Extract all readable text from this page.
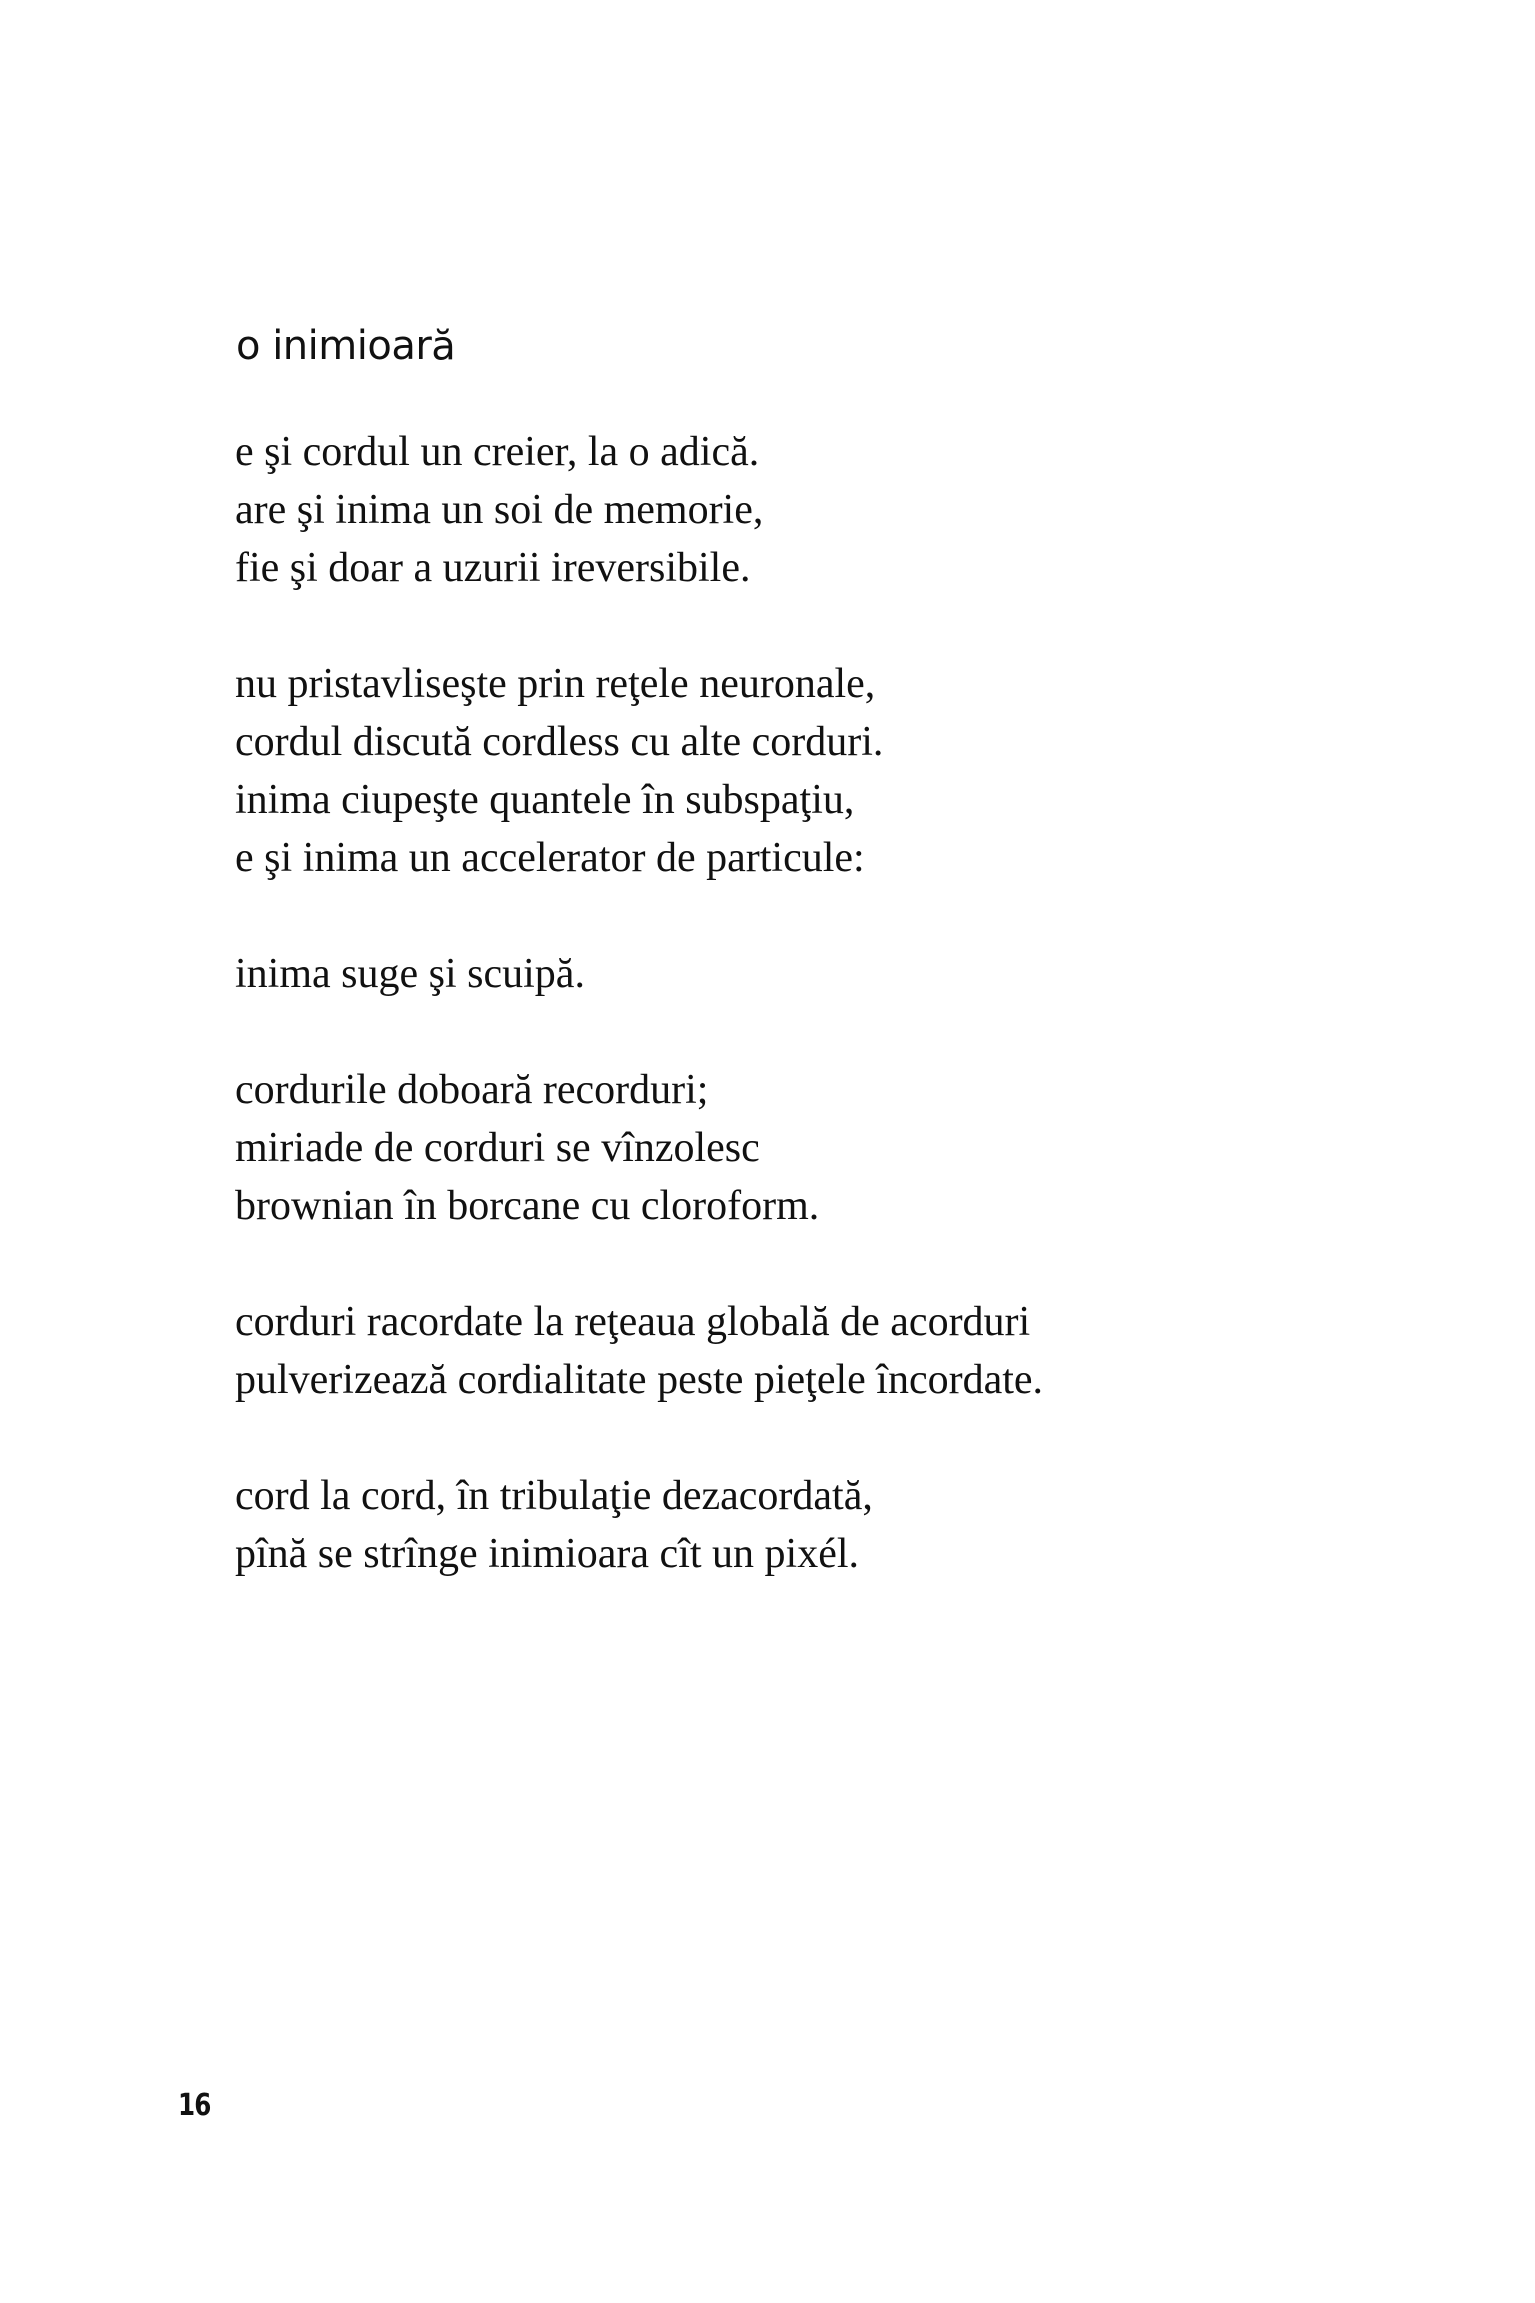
o inimioară

e şi cordul un creier, la o adică.
are şi inima un soi de memorie,
fie şi doar a uzurii ireversibile.

nu pristavliseşte prin reţele neuronale,
cordul discută cordless cu alte corduri.
inima ciupeşte quantele în subspaţiu,
e şi inima un accelerator de particule:

inima suge şi scuipă.

cordurile doboară recorduri;
miriade de corduri se vînzolesc
brownian în borcane cu cloroform.

corduri racordate la reţeaua globală de acorduri
pulverizează cordialitate peste pieţele încordate.

cord la cord, în tribulaţie dezacordată,
pînă se strînge inimioara cît un pixél.

16
